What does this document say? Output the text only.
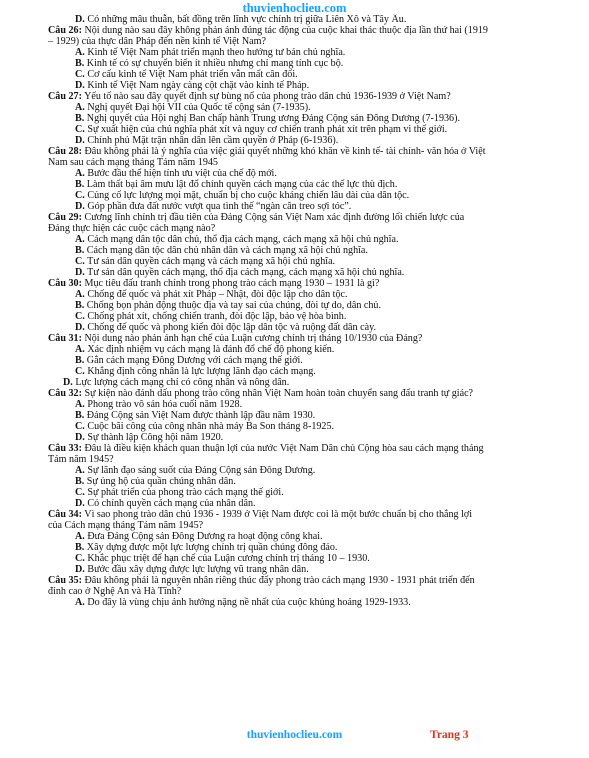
thuvienhoclieu.com
D. Có những mâu thuẫn, bất đồng trên lĩnh vực chính trị giữa Liên Xô và Tây Âu.
Câu 26: Nội dung nào sau đây không phản ánh đúng tác động của cuộc khai thác thuộc địa lần thứ hai (1919
– 1929) của thực dân Pháp đến nền kinh tế Việt Nam?
A. Kinh tế Việt Nam phát triển mạnh theo hướng tư bản chủ nghĩa.
B. Kinh tế có sự chuyển biến ít nhiều nhưng chỉ mang tính cục bộ.
C. Cơ cấu kinh tế Việt Nam phát triển vẫn mất cân đối.
D. Kinh tế Việt Nam ngày càng cột chặt vào kinh tế Pháp.
Câu 27: Yếu tố nào sau đây quyết định sự bùng nổ của phong trào dân chủ 1936-1939 ở Việt Nam?
A. Nghị quyết Đại hội VII của Quốc tế cộng sản (7-1935).
B. Nghị quyết của Hội nghị Ban chấp hành Trung ương Đảng Cộng sản Đông Dương (7-1936).
C. Sự xuất hiện của chủ nghĩa phát xít và nguy cơ chiến tranh phát xít trên phạm vi thế giới.
D. Chính phủ Mặt trận nhân dân lên cầm quyền ở Pháp (6-1936).
Câu 28: Đâu không phải là ý nghĩa của việc giải quyết những khó khăn về kinh tế- tài chính- văn hóa ở Việt
Nam sau cách mạng tháng Tám năm 1945
A. Bước đầu thể hiện tính ưu việt của chế độ mới.
B. Làm thất bại âm mưu lật đổ chính quyền cách mạng của các thế lực thù địch.
C. Củng cố lực lượng mọi mặt, chuẩn bị cho cuộc kháng chiến lâu dài của dân tộc.
D. Góp phần đưa đất nước vượt qua tình thế “ngàn cân treo sợi tóc”.
Câu 29: Cương lĩnh chính trị đầu tiên của Đảng Cộng sản Việt Nam xác định đường lối chiến lược của
Đảng thực hiện các cuộc cách mạng nào?
A. Cách mạng dân tộc dân chủ, thổ địa cách mạng, cách mạng xã hội chủ nghĩa.
B. Cách mạng dân tộc dân chủ nhân dân và cách mạng xã hội chủ nghĩa.
C. Tư sản dân quyền cách mạng và cách mạng xã hội chủ nghĩa.
D. Tư sản dân quyền cách mạng, thổ địa cách mạng, cách mạng xã hội chủ nghĩa.
Câu 30: Mục tiêu đấu tranh chính trong phong trào cách mạng 1930 – 1931 là gì?
A. Chống đế quốc và phát xít Pháp – Nhật, đòi độc lập cho dân tộc.
B. Chống bọn phản động thuộc địa và tay sai của chúng, đòi tự do, dân chủ.
C. Chống phát xít, chống chiến tranh, đòi độc lập, bảo vệ hòa bình.
D. Chống đế quốc và phong kiến đòi độc lập dân tộc và ruộng đất dân cày.
Câu 31: Nội dung nào phản ánh hạn chế của Luận cương chính trị tháng 10/1930 của Đảng?
A. Xác định nhiệm vụ cách mạng là đánh đổ chế độ phong kiến.
B. Gắn cách mạng Đông Dương với cách mạng thế giới.
C. Khẳng định công nhân là lực lượng lãnh đạo cách mạng.
D. Lực lượng cách mạng chỉ có công nhân và nông dân.
Câu 32: Sự kiện nào đánh dấu phong trào công nhân Việt Nam hoàn toàn chuyển sang đấu tranh tự giác?
A. Phong trào vô sản hóa cuối năm 1928.
B. Đảng Cộng sản Việt Nam được thành lập đầu năm 1930.
C. Cuộc bãi công của công nhân nhà máy Ba Son tháng 8-1925.
D. Sự thành lập Công hội năm 1920.
Câu 33: Đâu là điều kiện khách quan thuận lợi của nước Việt Nam Dân chủ Cộng hòa sau cách mạng tháng
Tám năm 1945?
A. Sự lãnh đạo sáng suốt của Đảng Cộng sản Đông Dương.
B. Sự ủng hộ của quần chúng nhân dân.
C. Sự phát triển của phong trào cách mạng thế giới.
D. Có chính quyền cách mạng của nhân dân.
Câu 34: Vì sao phong trào dân chủ 1936 - 1939 ở Việt Nam được coi là một bước chuẩn bị cho thắng lợi
của Cách mạng tháng Tám năm 1945?
A. Đưa Đảng Cộng sản Đông Dương ra hoạt động công khai.
B. Xây dựng được một lực lượng chính trị quần chúng đông đảo.
C. Khắc phục triệt để hạn chế của Luận cương chính trị tháng 10 – 1930.
D. Bước đầu xây dựng được lực lượng vũ trang nhân dân.
Câu 35: Đâu không phải là nguyên nhân riêng thúc đẩy phong trào cách mạng 1930 - 1931 phát triển đến
đỉnh cao ở Nghệ An và Hà Tĩnh?
A. Do đây là vùng chịu ảnh hưởng nặng nề nhất của cuộc khủng hoảng 1929-1933.
thuvienhoclieu.com	Trang 3
